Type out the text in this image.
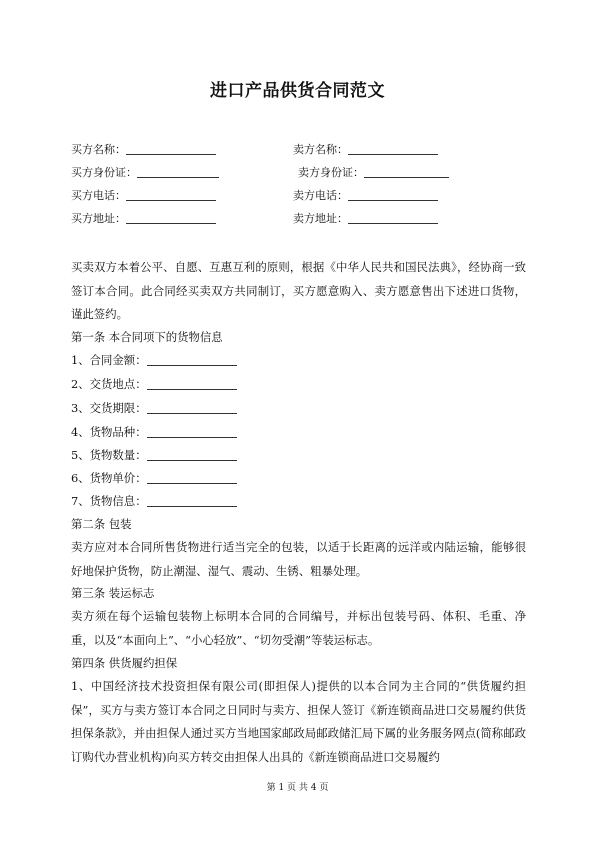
进口产品供货合同范文
买方名称：	卖方名称：
买方身份证：	卖方身份证：
买方电话：	卖方电话：
买方地址：	卖方地址：
买卖双方本着公平、自愿、互惠互利的原则，根据《中华人民共和国民法典》，经协商一致签订本合同。此合同经买卖双方共同制订，买方愿意购入、卖方愿意售出下述进口货物，谨此签约。
第一条 本合同项下的货物信息
1、合同金额：
2、交货地点：
3、交货期限：
4、货物品种：
5、货物数量：
6、货物单价：
7、货物信息：
第二条 包装
卖方应对本合同所售货物进行适当完全的包装，以适于长距离的远洋或内陆运输，能够很好地保护货物，防止潮湿、湿气、震动、生锈、粗暴处理。
第三条 装运标志
卖方须在每个运输包装物上标明本合同的合同编号，并标出包装号码、体积、毛重、净重，以及“本面向上”、“小心轻放”、“切勿受潮”等装运标志。
第四条 供货履约担保
1、中国经济技术投资担保有限公司(即担保人)提供的以本合同为主合同的“供货履约担保”，买方与卖方签订本合同之日同时与卖方、担保人签订《新连锁商品进口交易履约供货担保条款》，并由担保人通过买方当地国家邮政局邮政储汇局下属的业务服务网点(简称邮政订购代办营业机构)向买方转交由担保人出具的《新连锁商品进口交易履约
第 1 页 共 4 页
